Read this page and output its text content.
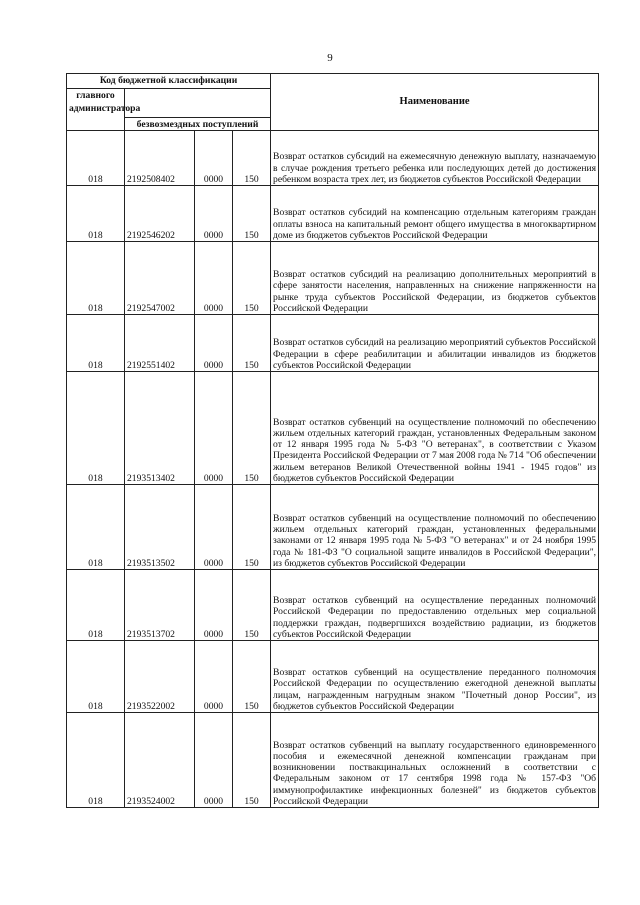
9
Код бюджетной классификации				Наименование
главного администратора				
	безвозмездных поступлений			
018	2192508402	0000	150	Возврат остатков субсидий на ежемесячную денежную выплату, назначаемую в случае рождения третьего ребенка или последующих детей до достижения ребенком возраста трех лет, из бюджетов субъектов Российской Федерации
018	2192546202	0000	150	Возврат остатков субсидий на компенсацию отдельным категориям граждан оплаты взноса на капитальный ремонт общего имущества в многоквартирном доме из бюджетов субъектов Российской Федерации
018	2192547002	0000	150	Возврат остатков субсидий на реализацию дополнительных мероприятий в сфере занятости населения, направленных на снижение напряженности на рынке труда субъектов Российской Федерации, из бюджетов субъектов Российской Федерации
018	2192551402	0000	150	Возврат остатков субсидий на реализацию мероприятий субъектов Российской Федерации в сфере реабилитации и абилитации инвалидов из бюджетов субъектов Российской Федерации
018	2193513402	0000	150	Возврат остатков субвенций на осуществление полномочий по обеспечению жильем отдельных категорий граждан, установленных Федеральным законом от 12 января 1995 года № 5-ФЗ "О ветеранах", в соответствии с Указом Президента Российской Федерации от 7 мая 2008 года № 714 "Об обеспечении жильем ветеранов Великой Отечественной войны 1941 - 1945 годов" из бюджетов субъектов Российской Федерации
018	2193513502	0000	150	Возврат остатков субвенций на осуществление полномочий по обеспечению жильем отдельных категорий граждан, установленных федеральными законами от 12 января 1995 года № 5-ФЗ "О ветеранах" и от 24 ноября 1995 года № 181-ФЗ "О социальной защите инвалидов в Российской Федерации", из бюджетов субъектов Российской Федерации
018	2193513702	0000	150	Возврат остатков субвенций на осуществление переданных полномочий Российской Федерации по предоставлению отдельных мер социальной поддержки граждан, подвергшихся воздействию радиации, из бюджетов субъектов Российской Федерации
018	2193522002	0000	150	Возврат остатков субвенций на осуществление переданного полномочия Российской Федерации по осуществлению ежегодной денежной выплаты лицам, награжденным нагрудным знаком "Почетный донор России", из бюджетов субъектов Российской Федерации
018	2193524002	0000	150	Возврат остатков субвенций на выплату государственного единовременного пособия и ежемесячной денежной компенсации гражданам при возникновении поствакцинальных осложнений в соответствии с Федеральным законом от 17 сентября 1998 года № 157-ФЗ "Об иммунопрофилактике инфекционных болезней" из бюджетов субъектов Российской Федерации
